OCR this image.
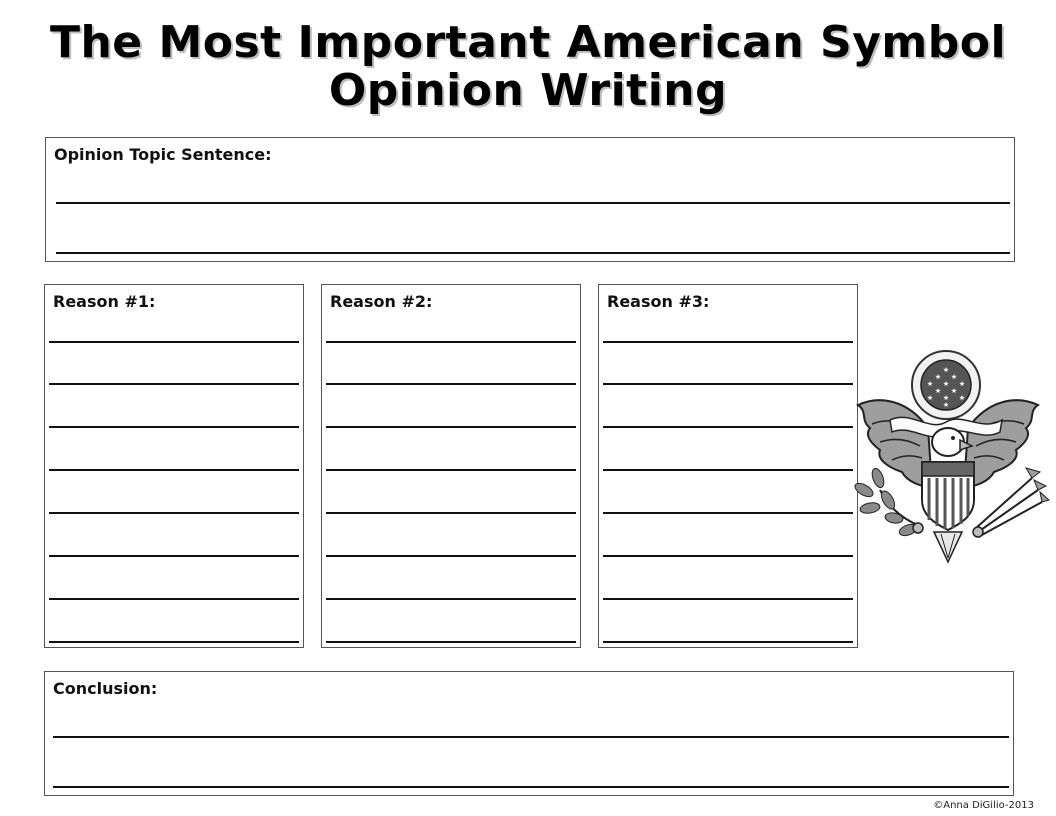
The Most Important American Symbol
Opinion Writing
Opinion Topic Sentence:
Reason #1:	Reason #2:	Reason #3:
Conclusion:
★
★ ★
★ ★ ★
★ ★
★ ★ ★
★
©Anna DiGilio-2013
